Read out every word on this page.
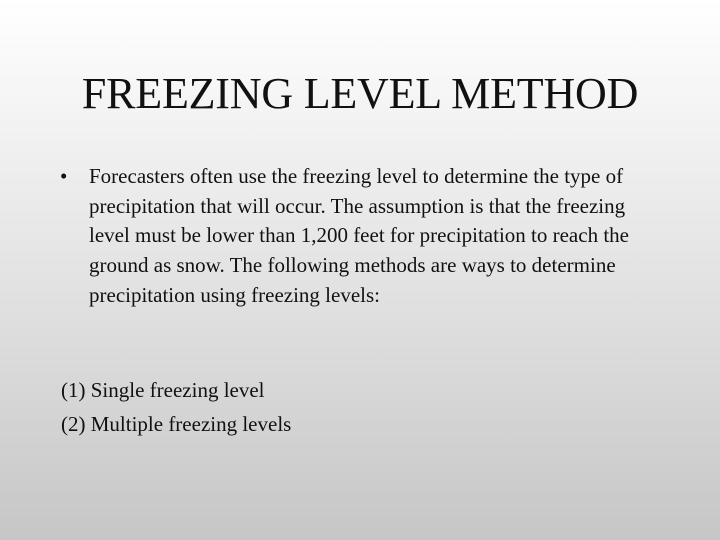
FREEZING LEVEL METHOD
• Forecasters often use the freezing level to determine the type of precipitation that will occur. The assumption is that the freezing level must be lower than 1,200 feet for precipitation to reach the ground as snow. The following methods are ways to determine precipitation using freezing levels:

(1) Single freezing level
(2) Multiple freezing levels
